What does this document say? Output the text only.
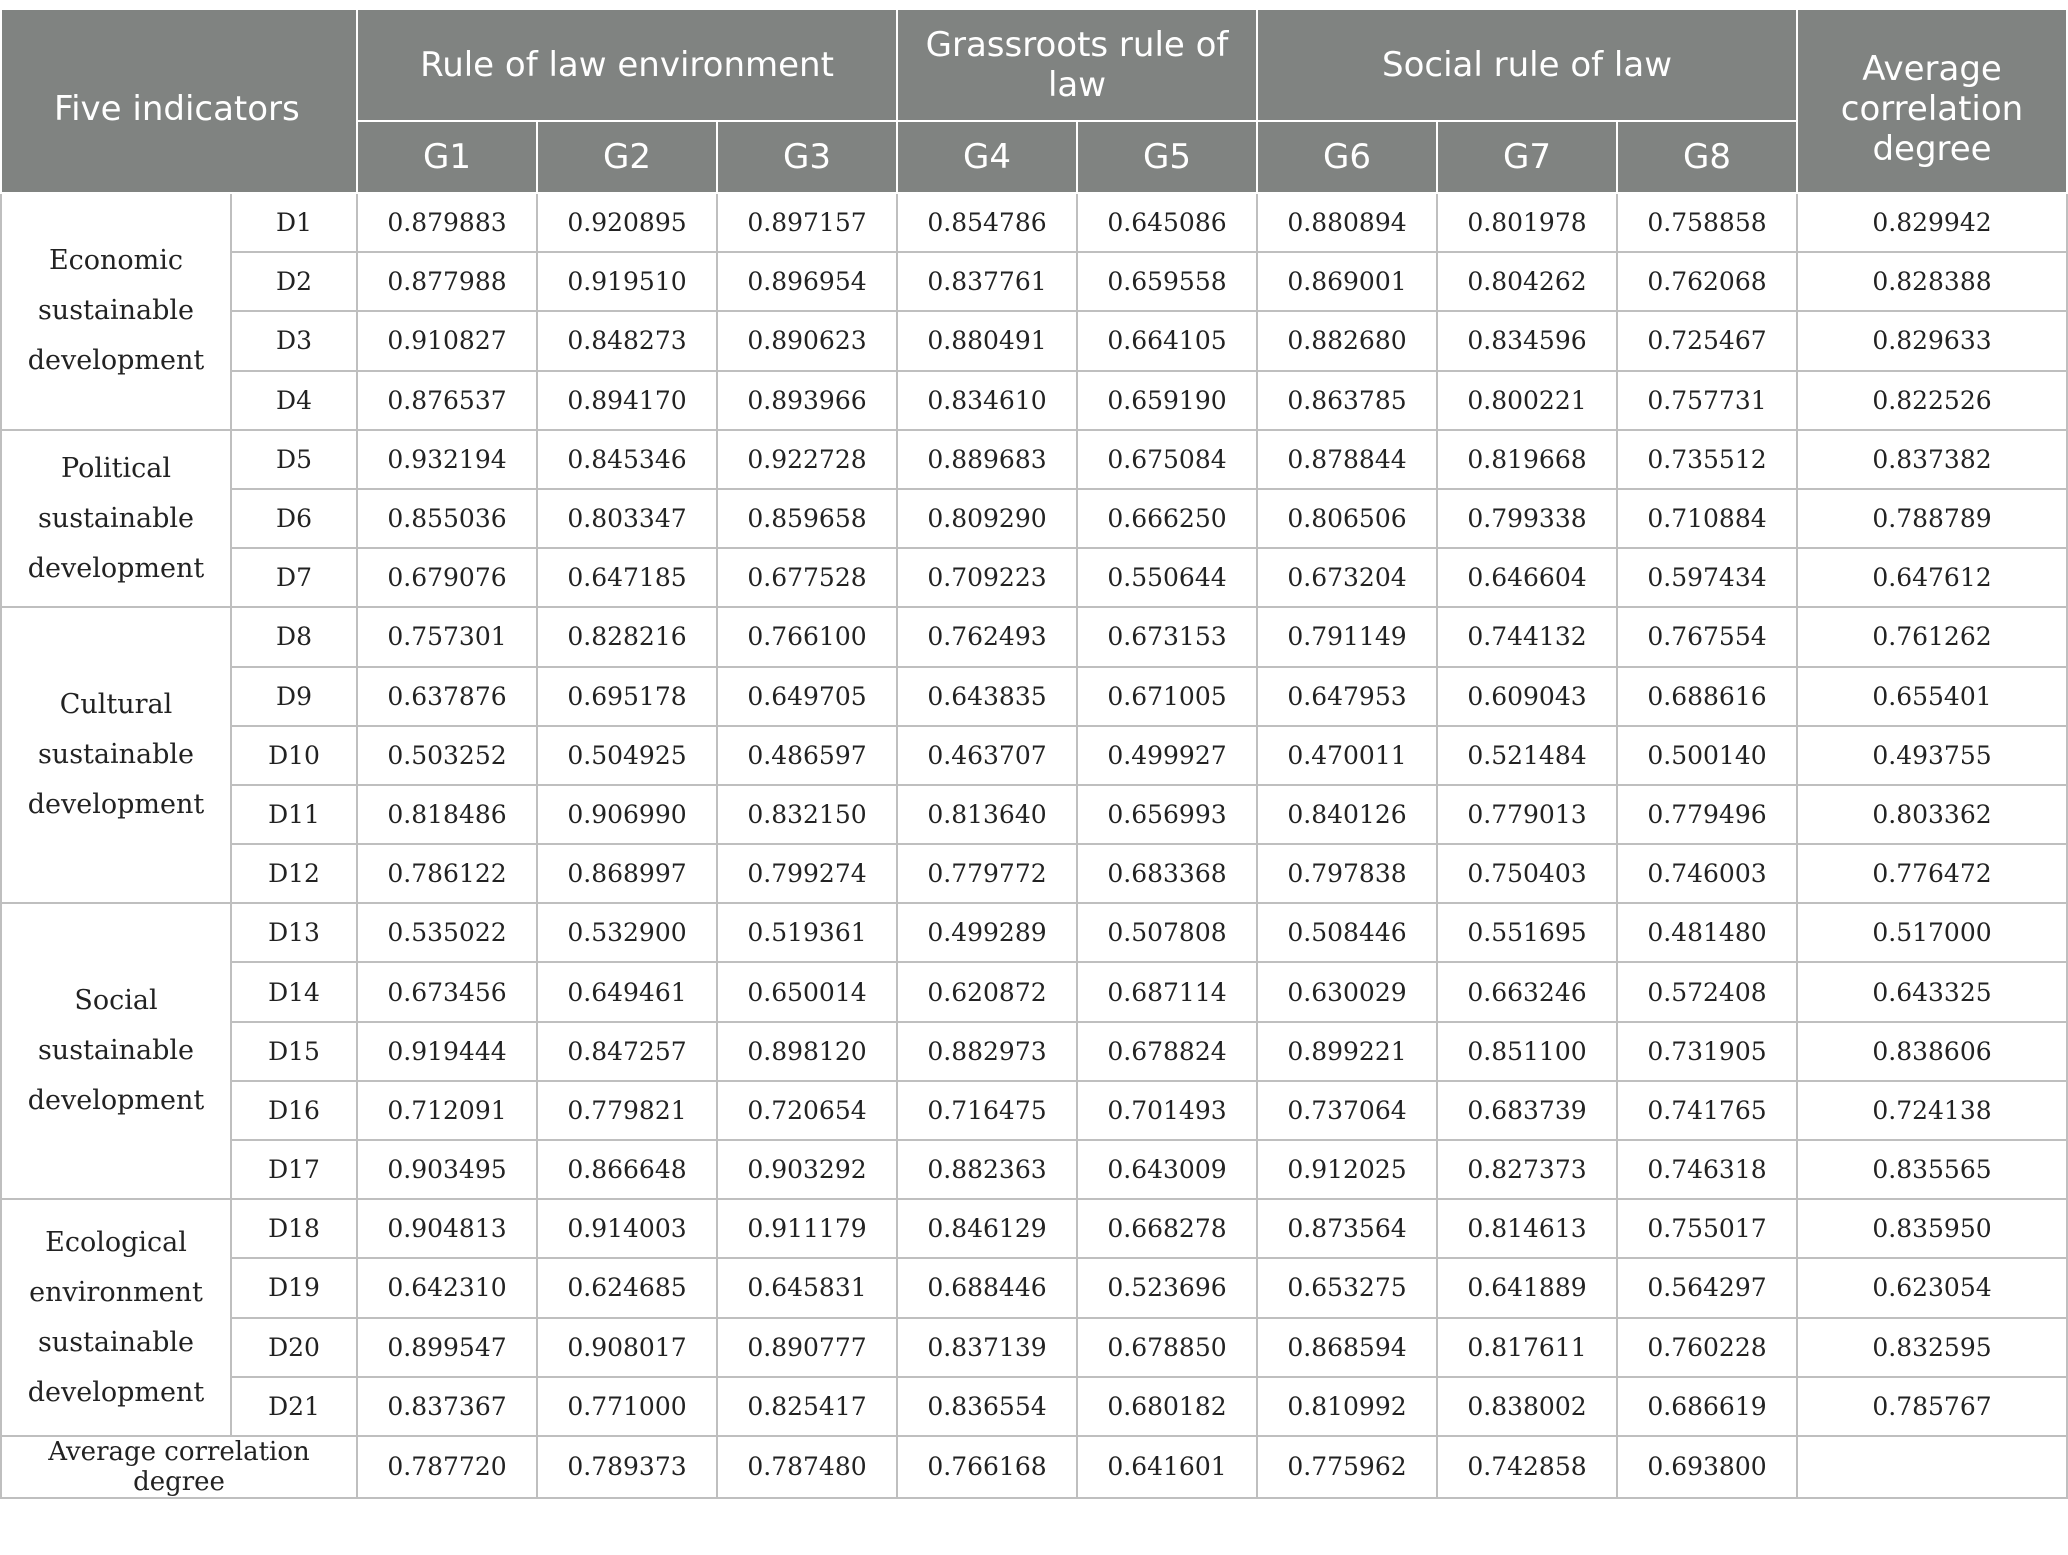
Five indicators		Rule of law environment			Grassroots rule of law		Social rule of law			Average correlation degree
		G1	G2	G3	G4	G5	G6	G7	G8	
Economic sustainable development	D1	0.879883	0.920895	0.897157	0.854786	0.645086	0.880894	0.801978	0.758858	0.829942
	D2	0.877988	0.919510	0.896954	0.837761	0.659558	0.869001	0.804262	0.762068	0.828388
	D3	0.910827	0.848273	0.890623	0.880491	0.664105	0.882680	0.834596	0.725467	0.829633
	D4	0.876537	0.894170	0.893966	0.834610	0.659190	0.863785	0.800221	0.757731	0.822526
Political sustainable development	D5	0.932194	0.845346	0.922728	0.889683	0.675084	0.878844	0.819668	0.735512	0.837382
	D6	0.855036	0.803347	0.859658	0.809290	0.666250	0.806506	0.799338	0.710884	0.788789
	D7	0.679076	0.647185	0.677528	0.709223	0.550644	0.673204	0.646604	0.597434	0.647612
Cultural sustainable development	D8	0.757301	0.828216	0.766100	0.762493	0.673153	0.791149	0.744132	0.767554	0.761262
	D9	0.637876	0.695178	0.649705	0.643835	0.671005	0.647953	0.609043	0.688616	0.655401
	D10	0.503252	0.504925	0.486597	0.463707	0.499927	0.470011	0.521484	0.500140	0.493755
	D11	0.818486	0.906990	0.832150	0.813640	0.656993	0.840126	0.779013	0.779496	0.803362
	D12	0.786122	0.868997	0.799274	0.779772	0.683368	0.797838	0.750403	0.746003	0.776472
Social sustainable development	D13	0.535022	0.532900	0.519361	0.499289	0.507808	0.508446	0.551695	0.481480	0.517000
	D14	0.673456	0.649461	0.650014	0.620872	0.687114	0.630029	0.663246	0.572408	0.643325
	D15	0.919444	0.847257	0.898120	0.882973	0.678824	0.899221	0.851100	0.731905	0.838606
	D16	0.712091	0.779821	0.720654	0.716475	0.701493	0.737064	0.683739	0.741765	0.724138
	D17	0.903495	0.866648	0.903292	0.882363	0.643009	0.912025	0.827373	0.746318	0.835565
Ecological environment sustainable development	D18	0.904813	0.914003	0.911179	0.846129	0.668278	0.873564	0.814613	0.755017	0.835950
	D19	0.642310	0.624685	0.645831	0.688446	0.523696	0.653275	0.641889	0.564297	0.623054
	D20	0.899547	0.908017	0.890777	0.837139	0.678850	0.868594	0.817611	0.760228	0.832595
	D21	0.837367	0.771000	0.825417	0.836554	0.680182	0.810992	0.838002	0.686619	0.785767
Average correlation degree		0.787720	0.789373	0.787480	0.766168	0.641601	0.775962	0.742858	0.693800	
